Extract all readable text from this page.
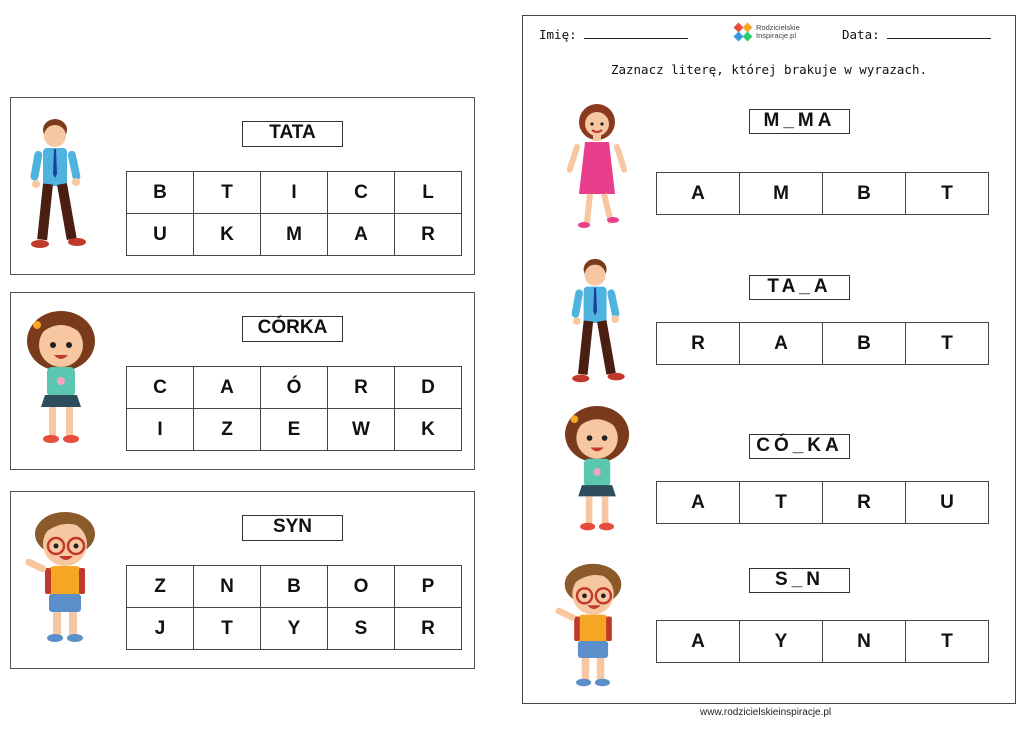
TATA
B	T	I	C	L
U	K	M	A	R
CÓRKA
C	A	Ó	R	D
I	Z	E	W	K
SYN
Z	N	B	O	P
J	T	Y	S	R
Imię:	Rodzicielskie
Inspiracje.pl	Data:
Zaznacz literę, której brakuje w wyrazach.
M_MA
A	M	B	T
TA_A
R	A	B	T
CÓ_KA
A	T	R	U
S_N
A	Y	N	T
www.rodzicielskieinspiracje.pl
